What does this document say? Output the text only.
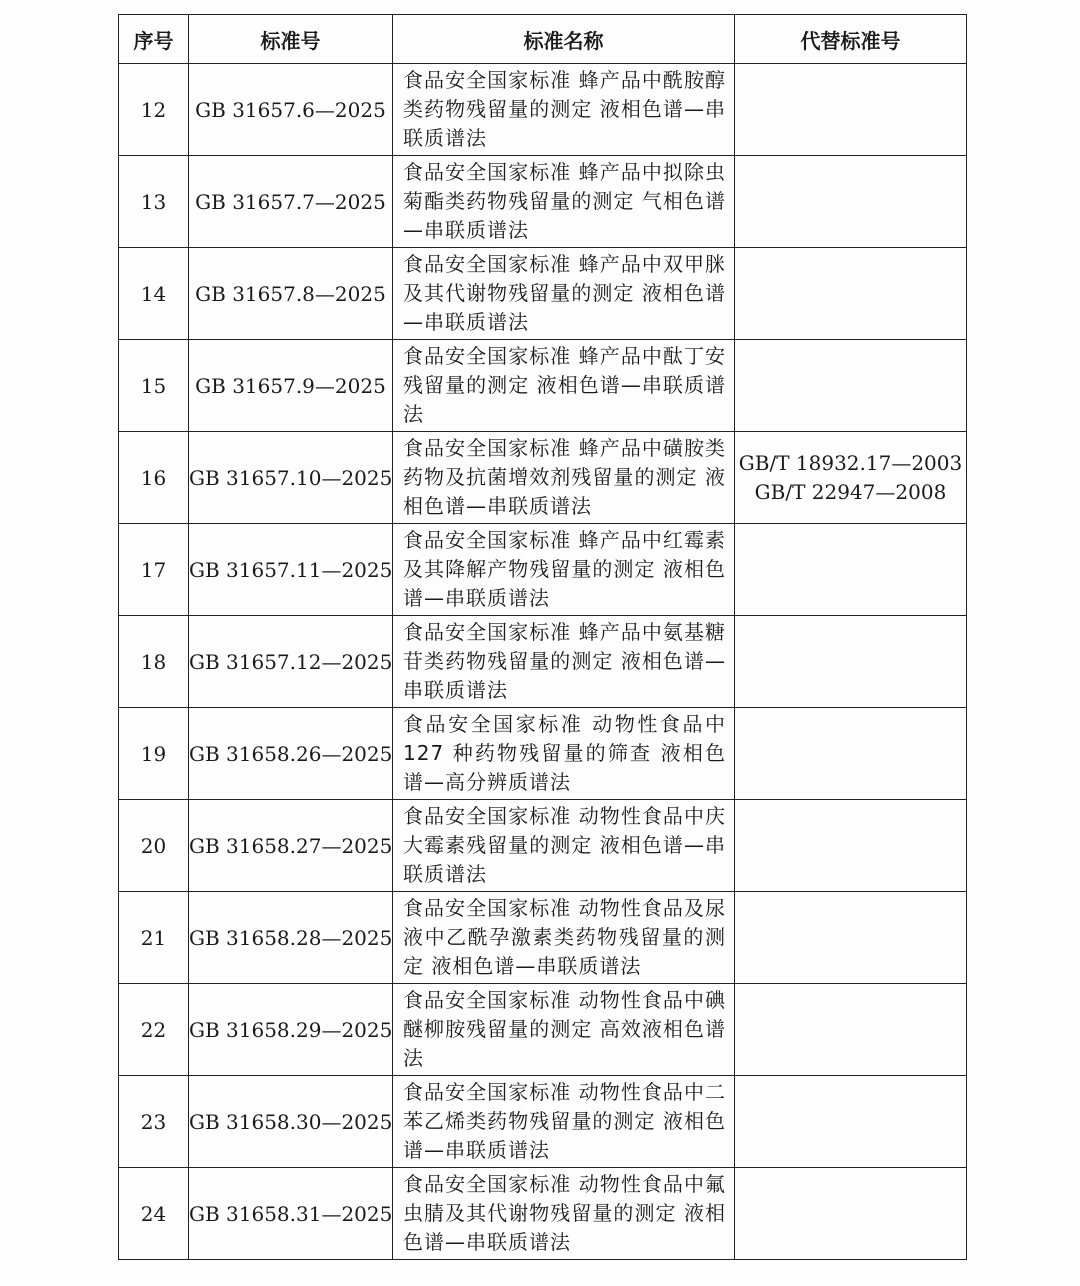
序号	标准号	标准名称	代替标准号
12	GB 31657.6—2025	食品安全国家标准 蜂产品中酰胺醇类药物残留量的测定 液相色谱—串联质谱法	

13	GB 31657.7—2025	食品安全国家标准 蜂产品中拟除虫菊酯类药物残留量的测定 气相色谱—串联质谱法	

14	GB 31657.8—2025	食品安全国家标准 蜂产品中双甲脒及其代谢物残留量的测定 液相色谱—串联质谱法	

15	GB 31657.9—2025	食品安全国家标准 蜂产品中酞丁安残留量的测定 液相色谱—串联质谱法	

16	GB 31657.10—2025	食品安全国家标准 蜂产品中磺胺类药物及抗菌增效剂残留量的测定 液相色谱—串联质谱法	GB/T 18932.17—2003
GB/T 22947—2008

17	GB 31657.11—2025	食品安全国家标准 蜂产品中红霉素及其降解产物残留量的测定 液相色谱—串联质谱法	

18	GB 31657.12—2025	食品安全国家标准 蜂产品中氨基糖苷类药物残留量的测定 液相色谱—串联质谱法	

19	GB 31658.26—2025	食品安全国家标准 动物性食品中127 种药物残留量的筛查 液相色谱—高分辨质谱法	

20	GB 31658.27—2025	食品安全国家标准 动物性食品中庆大霉素残留量的测定 液相色谱—串联质谱法	

21	GB 31658.28—2025	食品安全国家标准 动物性食品及尿液中乙酰孕激素类药物残留量的测定 液相色谱—串联质谱法	

22	GB 31658.29—2025	食品安全国家标准 动物性食品中碘醚柳胺残留量的测定 高效液相色谱法	

23	GB 31658.30—2025	食品安全国家标准 动物性食品中二苯乙烯类药物残留量的测定 液相色谱—串联质谱法	

24	GB 31658.31—2025	食品安全国家标准 动物性食品中氟虫腈及其代谢物残留量的测定 液相色谱—串联质谱法	
